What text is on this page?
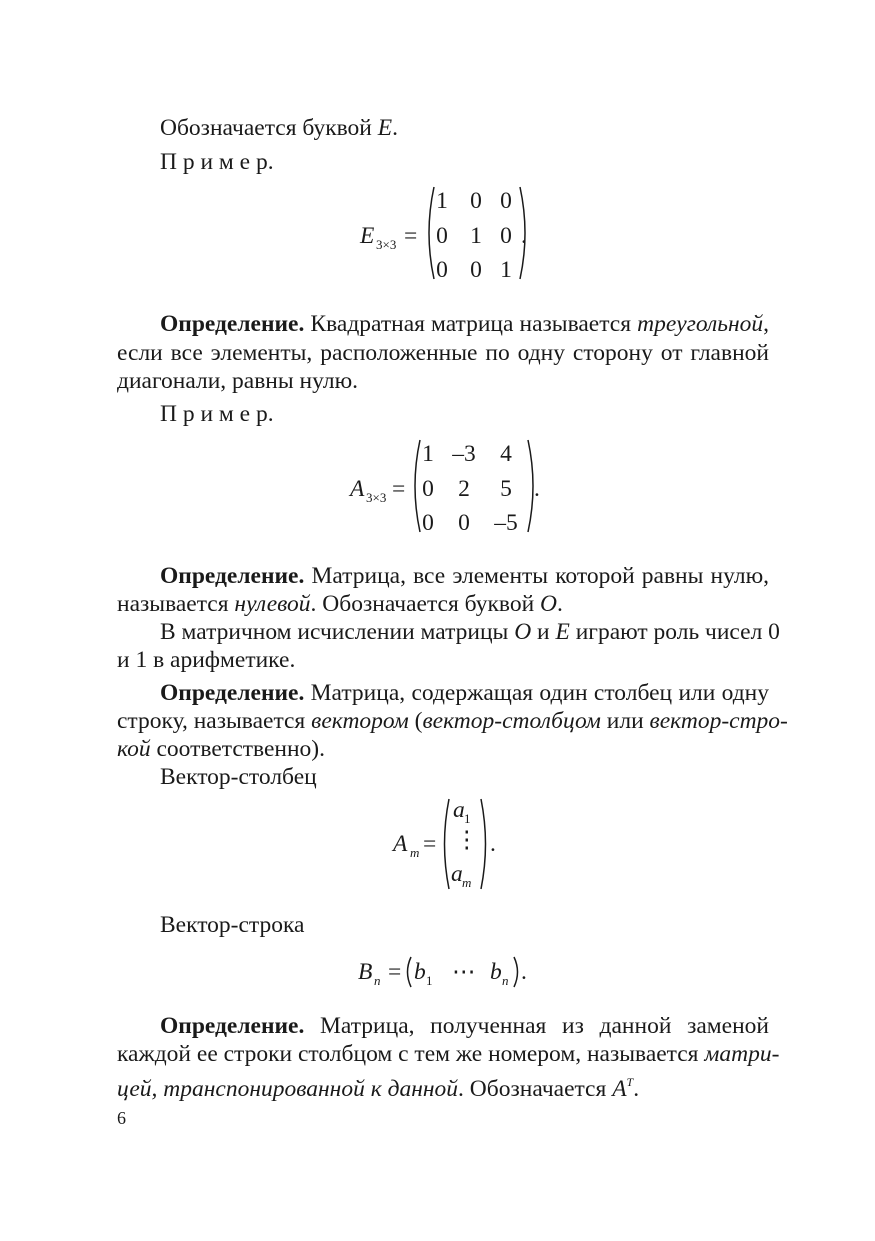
Обозначается буквой E.
П р и м е р.
E 3×3 =
1 0 0
0 1 0
0 0 1
.
Определение. Квадратная матрица называется треугольной,
если все элементы, расположенные по одну сторону от главной
диагонали, равны нулю.
П р и м е р.
A 3×3 =
1 –3	4
0	2	5
0	0	–5
.
Определение. Матрица, все элементы которой равны нулю,
называется нулевой. Обозначается буквой O.
В матричном исчислении матрицы O и E играют роль чисел 0
и 1 в арифметике.
Определение. Матрица, содержащая один столбец или одну
строку, называется вектором (вектор-столбцом или вектор-стро-
кой соответственно).
Вектор-столбец
A m =
a 1
⋮
a m
.
Вектор-строка
B n = b 1 ⋯ b n .
Определение. Матрица, полученная из данной заменой
каждой ее строки столбцом с тем же номером, называется матри-
цей, транспонированной к данной. Обозначается $A^T$.
6
